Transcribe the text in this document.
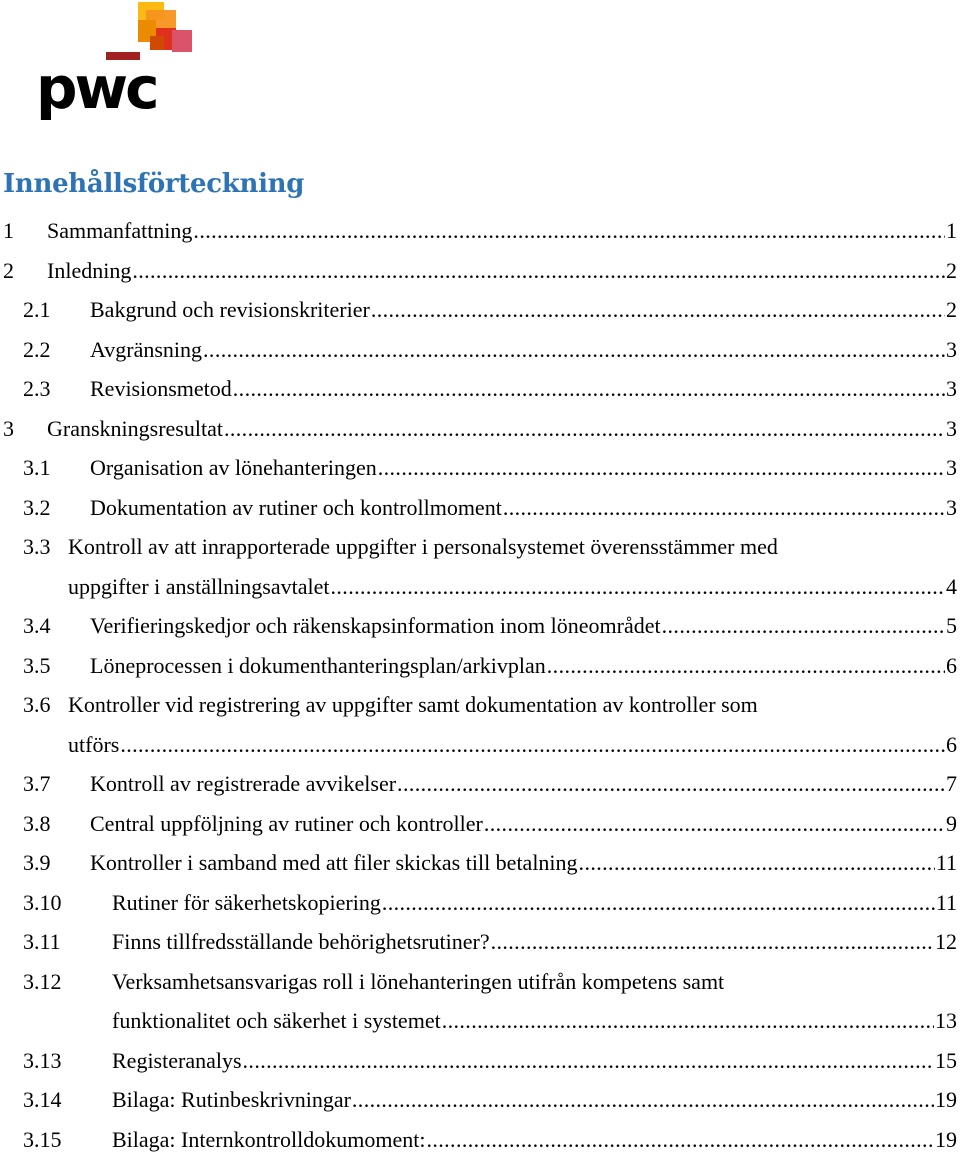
pwc
Innehållsförteckning
1	Sammanfattning .....	1
2	Inledning .....	2
2.1	Bakgrund och revisionskriterier .....	2
2.2	Avgränsning .....	3
2.3	Revisionsmetod .....	3
3	Granskningsresultat .....	3
3.1	Organisation av lönehanteringen .....	3
3.2	Dokumentation av rutiner och kontrollmoment .....	3
3.3 Kontroll av att inrapporterade uppgifter i personalsystemet överensstämmer med
uppgifter i anställningsavtalet .....	4
3.4	Verifieringskedjor och räkenskapsinformation inom löneområdet .....	5
3.5	Löneprocessen i dokumenthanteringsplan/arkivplan .....	6
3.6 Kontroller vid registrering av uppgifter samt dokumentation av kontroller som
utförs .....	6
3.7	Kontroll av registrerade avvikelser .....	7
3.8	Central uppföljning av rutiner och kontroller .....	9
3.9	Kontroller i samband med att filer skickas till betalning .....	11
3.10	Rutiner för säkerhetskopiering .....	11
3.11	Finns tillfredsställande behörighetsrutiner? .....	12
3.12	Verksamhetsansvarigas roll i lönehanteringen utifrån kompetens samt
funktionalitet och säkerhet i systemet .....	13
3.13	Registeranalys .....	15
3.14	Bilaga: Rutinbeskrivningar .....	19
3.15	Bilaga: Internkontrolldokumoment: .....	19
